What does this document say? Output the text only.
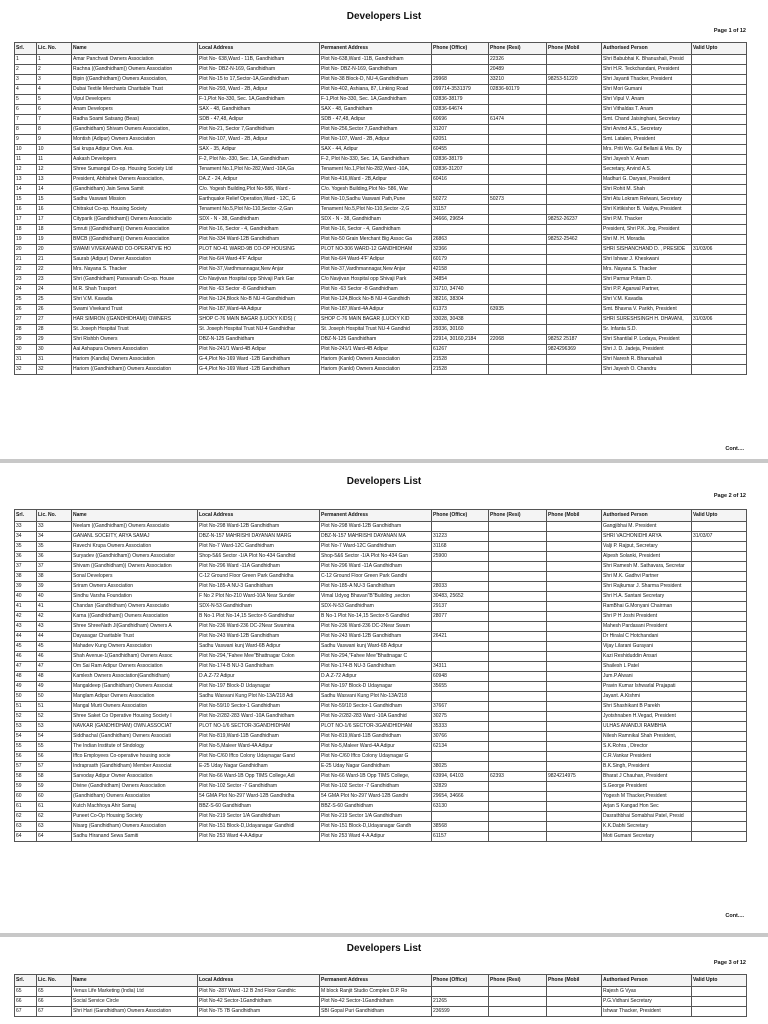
Developers List
Page 1 of 12
Srl.	Lic. No.	Name	Local Address	Permanent Address	Phone (Office)	Phone (Resi)	Phone (Mobil	Authorised Person	Valid Upto
1	1	Amar Panchvati Owners Association	Plot No- 638,Ward - 11B, Gandhidham	Plot No-638,Ward -11B, Gandhidham		22326		Shri Babubhai K. Bhanushali, Presid	
2	2	Rachna ((Gandhidham)) Owners Association	Plot No- DBZ-N-169, Gandhidham	Plot No- DBZ-N-169, Gandhidham		20489		Shri H.R. Teckchandani, President	
3	3	Bipin ((Gandhidham)) Owners Association,	Plot No-15 to 17,Sector-1A,Gandhidham	Plot No-38 Block-D, NU-4,Gandhidham	29968	33210	98253-51220	Shri Jayanti Thacker, President	
4	4	Dubai Textile Merchants Charitable Trust	Plot No-293, Ward - 2B, Adipur	Plot No-402, Ashiana, 87, Linking Road	099714-3531379	02836-60179		Shri Mori Gumani	
5	5	Vipul Developers	F-1,Plot No-330, Sec. 1A,Gandhidham	F-1,Plot No-330, Sec. 1A,Gandhidham	02836-38179			Shri Vipul V. Anam	
6	6	Anam Developers	SAX - 48, Gandhidham	SAX - 48, Gandhidham	02836-64674			Shri Vithaldas T. Anam	
7	7	Radha Soami Satsang (Beas)	SDB - 47,48, Adipur	SDB - 47,48, Adipur	60696	61474		Smt. Chand Jaisinghani, Secretary	
8	8	(Gandhidham) Shivam Owners Association,	Plot No-21, Sector 7,Gandhidham	Plot No-256,Sector 7,Gandhidham	31207			Shri Arvind A.S., Secretary	
9	9	Montish (Adipur) Owners Association	Plot No-107, Ward - 2B, Adipur	Plot No-107, Ward - 2B, Adipur	62051			Smt. Latalen, President	
10	10	Sai krupa Adipur Own. Ass.	SAX - 35, Adipur	SAX - 44, Adipur	60455			Mrs. Priti Wo. Gul Bellani & Mrs. Dy	
11	11	Aakash Developers	F-2, Plot No.-330, Sec. 1A, Gandhidham	F-2, Plot No-330, Sec. 1A, Gandhidham	02836-38179			Shri Jayesh V. Anam	
12	12	Shree Sumangal Co-op. Housing Society Ltd	Tenament No.1,Plot No-282,Ward -10A,Ga	Tenament No.1,Plot No-282,Ward -10A,	02836-31207			Secretary, Arvind A.S.	
13	13	President, Abhishek Owners Association,	DA.Z - 24, Adipur	Plot No-416,Ward - 2B,Adipur	60416			Madhuri G. Daryani, President	
14	14	(Gandhidham) Jain Sewa Samit	C/o. Yogesh Building,Plot No-586, Ward -	C/o. Yogesh Building,Plot No- 586, War				Shri Rohit M. Shah	
15	15	Sadhu Vaswani Mission	Earthquake Relief Operation,Ward - 12C, G	Plot No-10,Sadhu Vaswani Path,Pune	50272	50273		Shri Atu Lokram Relwani, Secretary	
16	16	Chitrakut Co-op. Housing Society	Tenament No.5,Plot No-110,Sector -2,Gan	Tenament No.5,Plot No-110,Sector -2,G	31157			Shri Kirtikishor B. Vaidya, President	
17	17	Cityparik ((Gandhidham)) Owners Associatio	SDX - N - 38, Gandhidham	SDX - N - 38, Gandhidham	34666, 29654		98252-26237	Shri P.M. Thacker	
18	18	Smruti ((Gandhidham)) Owners Association	Plot No-16, Sector - 4, Gandhidham	Plot No-16, Sector - 4, Gandhidham				President, Shri P.K. Jog, President	
19	19	BMCB ((Gandhidham)) Owners Association	Plot No-334 Ward-12B Gandhidham	Plot No-50 Grain Merchant Big Assoc Ga	26863		98252-25462	Shri M. H. Moradia	
20	20	SWAMI VIVEKANAND CO-OPERATVIE HO	PLOT NO-41 WARD-9B CO-OP HOUSING	PLOT NO-306 WARD-12 GANDHIDHAM	32366			SHRI SISHANCHAND D. , PRESIDE	31/03/06
21	21	Saurab (Adipur) Owner Association	Plot No-6/4 Ward-4'F' Adipur	Plot No-6/4 Ward-4'F' Adipur	60179			Shri Ishwar J. Kheskwani	
22	22	Mrs. Nayana S. Thacker	Plot No-37,Vardhmannagar,New Anjar	Plot No-37,Vardhmannagar,New Anjar	42158			Mrs. Nayana S. Thacker	
23	23	Shri (Gandhidham) Parsvanath Co-op. House	C/o Navjivan Hospital opp Shivaji Park Gar	C/o Navjivan Hospital opp Shivaji Park	34854			Shri Parmar Pritam D.	
24	24	M.R. Shah Trasport	Plot No -63 Sector -8 Gandhidham	Plot No -63 Sector -8 Gandhidham	31710, 34740			Shri P.P. Agarwal Partner,	
25	25	Shri V.M. Kavadia	Plot No-124,Block No-B NU-4 Gandhidham	Plot No-124,Block No-B NU-4 Gandhidh	38216, 38304			Shri V.M. Kavadia	
26	26	Swami Vivekand Trust	Plot No-187,Ward-4A Adipur	Plot No-187,Ward-4A Adipur	61373	63935		Smt. Bhavna V. Parikh, President	
27	27	HAR SIMRON ((GANDHIDHAM)) OWNERS	SHOP C-76 MAIN BAGAR (LUCKY KIDS) (	SHOP C-76 MAIN BAGAR (LUCKY KID	33028, 30438			SHRI SURESHSINGH H. DHAVANI,	31/03/06
28	28	St. Joseph Hospital Trust	St. Joseph Hospital Trust NU-4 Gandhidhar	St. Joseph Hospital Trust NU-4 Gandhid	29336, 30160			Sr. Infanta S.D.	
29	29	Shri Rishbh Owners	DBZ-N-125 Gandhidham	DBZ-N-125 Gandhidham	22914, 30160,2184	22068	98252 25187	Shri Shantilal P. Lodaya, President	
30	30	Aai Ashapura Owners Association	Plot No-241/1 Ward-4B Adipur	Plot No-241/1 Ward-4B Adipur	61267		9824296369	Shri J. D. Jadeja, President	
31	31	Hariom (Kandla) Owners Association	G-4,Plot No-169 Ward -12B Gandhidham	Hariom (Kanld) Owners Association	21528			Shri Naresh R. Bhanushali	
32	32	Hariom ((Gandhidham)) Owners Association	G-4,Plot No-169 Ward -12B Gandhidham	Hariom (Kanld) Owners Association	21528			Shri Jayesh O. Chandru	
Cont....
Developers List
Page 2 of 12
Srl.	Lic. No.	Name	Local Address	Permanent Address	Phone (Office)	Phone (Resi)	Phone (Mobil	Authorised Person	Valid Upto
33	33	Neelam ((Gandhidham)) Owners Associatio	Plot No-298 Ward-12B Gandhidham	Plot No-298 Ward-12B Gandhidham				Gangjibhai M. President	
34	34	GANANL SOCEITY, ARYA SAMAJ	DBZ-N-157 MAHRISHI DAYANAN MARG	DBZ-N-157 MAHRISHI DAYANAN MA	31223			SHRI VACHONIDHI ARYA	31/03/07
35	35	Ravechi Krupa Owners Association	Plot No-7 Ward-12C Gandhidham	Plot No-7 Ward-12C Gandhidham	31168			Valji P. Rajput, Secretary	
36	36	Suryadev ((Gandhidham)) Owners Associatior	Shop-5&6 Sector -1/A Plot No-434 Gandhid	Shop-5&6 Sector -1/A Plot No-434 Gan	25900			Alpesh Solanki, President	
37	37	Shivam ((Gandhidham)) Owners Association	Plot No-296 Ward -11A Gandhidham	Plot No-296 Ward -11A Gandhidham				Shri Ramesh M. Sathavara, Secretar	
38	38	Sonal Developers	C-12 Ground Floor Green Park Gandhidha	C-12 Ground Floor Green Park Gandhi				Shri M.K. Gadhvi Partner	
39	39	Sriram Owners Association	Plot No-185-A NU-3 Gandhidham	Plot No-185-A NU-3 Gandhidham	28033			Shri Rajkumar J. Sharma President	
40	40	Sindhu Varsha Foundation	F No 2 Plot No-210 Ward-10A Near Sunder	Vimal Udyog Bhavan"B"Building ,secton	30483, 25652			Shri H.A. Santani Secretary	
41	41	Chandan (Gandhidham) Owners Associatio	SDX-N-53 Gandhidham	SDX-N-53 Gandhidham	29137			RamBhai G.Monyani Chairman	
42	42	Karna ((Gandhidham)) Owners Association	B No-1 Plot No-14,15 Sector-5 Gandhidhar	B No-1 Plot No-14,15 Sector-5 Gandhid	28077			Shri P H Joshi President	
43	43	Shree ShreeNath Ji(Gandhidham) Owners A	Plot No-236 Ward-236 DC-2Near Swamina	Plot No-236 Ward-236 DC-2Near Swam				Mahesh Pardasani President	
44	44	Dayasagar Charitable Trust	Plot No-243 Ward-12B Gandhidham	Plot No-243 Ward-12B Gandhidham	26421			Dr Hiralal C Hotchandani	
45	45	Mahadev Kung Owners Association	Sadhu Vaswani kunj Ward-6B Adipur	Sadhu Vaswani kunj Ward-6B Adipur				Vijay Lilarani Gurayani	
46	46	Shah Avenue-1(Gandhidham) Owners Assoc	Plot No-294,"Fahee Mee"Bhattnagar Colon	Plot No-294,"Fahee Mee"Bhattnagar C				Kazi Reshiduddin Ansari	
47	47	Om Sai Ram Adipur Owners Association	Plot No-174-B NU-3 Gandhidham	Plot No-174-B NU-3 Gandhidham	34311			Shailesh L Patel	
48	48	Kamlesh Owners Association(Gandhidham)	D.A.Z-72 Adipur	D.A.Z-72 Adipur	60948			Jum.P.Alwani	
49	49	Mangaldeep (Gandhidham) Owners Associat	Plot No-197 Block-D Udaynagar	Plot No-197 Block-D Udaynagar	35655			Pravin Kumar Ishwarlal Prajapati	
50	50	Manglam Adipur Owners Association	Sadhu Wasvani Kung Plot No-13A/218 Adi	Sadhu Wasvani Kung Plot No-13A/218				Jayant. A.Kishmi	
51	51	Mangal Murti Owners Association	Plot No-59/10 Sector-1 Gandhidham	Plot No-59/10 Sector-1 Gandhidham	37667			Shri Shashikant B Parekh	
52	52	Shree Saket Co Operative Housing Society I	Plot No-2/282-283 Ward -10A Gandhidham	Plot No-2/282-283 Ward -10A Gandhid	30275			Jyotshnaben H.Vegad, President	
53	53	NAVKAR (GANDHIDHAM) OWN.ASSOCIAT	PLOT NO-1/6 SECTOR-3GANDHIDHAM	PLOT NO-1/6 SECTOR-3GANDHIDHAM	35333			ULHAS ANANDJI RAMBHIA	
54	54	Siddhachal (Gandhidham) Owners Associati	Plot No-819,Ward-11B Gandhidham	Plot No-819,Ward-11B Gandhidham	30766			Nilesh Ramnikal Shah President,	
55	55	The Indian Institute of Sindology	Plot No-5,Maleer Ward-4A Adipur	Plot No-5,Maleer Ward-4A Adipur	62134			S.K.Rohra , Director	
56	56	Iffco Employees Co-operative housing socie	Plot No-C/60 Iffco Colony Udaynagar Gand	Plot No-C/60 Iffco Colony Udaynagar G				C.R.Vankar President	
57	57	Indraprasth (Gandhidham) Member Associat	E-25 Uday Nagar Gandhidham	E-25 Uday Nagar Gandhidham	38025			B.K.Singh, President	
58	58	Sarvoday Adipur Owner Association	Plot No-66 Ward-1B Opp TIMS College,Adi	Plot No-66 Ward-1B Opp TIMS College,	63994, 64103	62393	9824214975	Bharat J Chauhan, President	
59	59	Divine (Gandhidham) Owners Association	Plot No-102 Sector -7 Gandhidham	Plot No-102 Sector -7 Gandhidham	32829			S.George President	
60	60	(Gandhidham) Owners Association	54 GMA Plot No-297 Ward-12B Gandhidha	54 GMA Plot No-297 Ward-12B Gandhi	29654, 34666			Yogesh M Thacker,President	
61	61	Kutch Machhoya Ahir Samaj	BBZ-S-60 Gandhidham	BBZ-S-60 Gandhidham	63130			Arjan S Kangad Hon Sec	
62	62	Puneet Co-Op Housing Society	Plot No-219 Sector 1/A Gandhidham	Plot No-219 Sector 1/A Gandhidham				Dasrathbhai Somabhai Patel, Presid	
63	63	Nisarg (Gandhidham) Owners Association	Plot No-151 Block-D,Udayanagar Gandhidl	Plot No-151 Block-D,Udayanagar Gandh	38568			K.K.Dabhi Secretary	
64	64	Sadhu Hiranand Sewa Samiti	Plot No 253 Ward 4-A Adipur	Plot No 253 Ward 4-A Adipur	61157			Moti Gumani Secretary	
Cont....
Developers List
Page 3 of 12
Srl.	Lic. No.	Name	Local Address	Permanent Address	Phone (Office)	Phone (Resi)	Phone (Mobil	Authorised Person	Valid Upto
65	65	Venus Life Marketing (India) Ltd	Plot No -287 Ward -12 B 2nd Floor Gandhic	M block Ranjit Studio Complex D.P. Ro				Rajesh G Vyas	
66	66	Social Service Circle	Plot No-42 Sector-1Gandhidham	Plot No-42 Sector-1Gandhidham	21265			P.G.Vidhani Secretary	
67	67	Shri Hari (Gandhidham) Owners Association	Plot No-75 7B Gandhidham	SBI Gopal Puri Gandhidham	236599			Ishwar Thacker, President	
